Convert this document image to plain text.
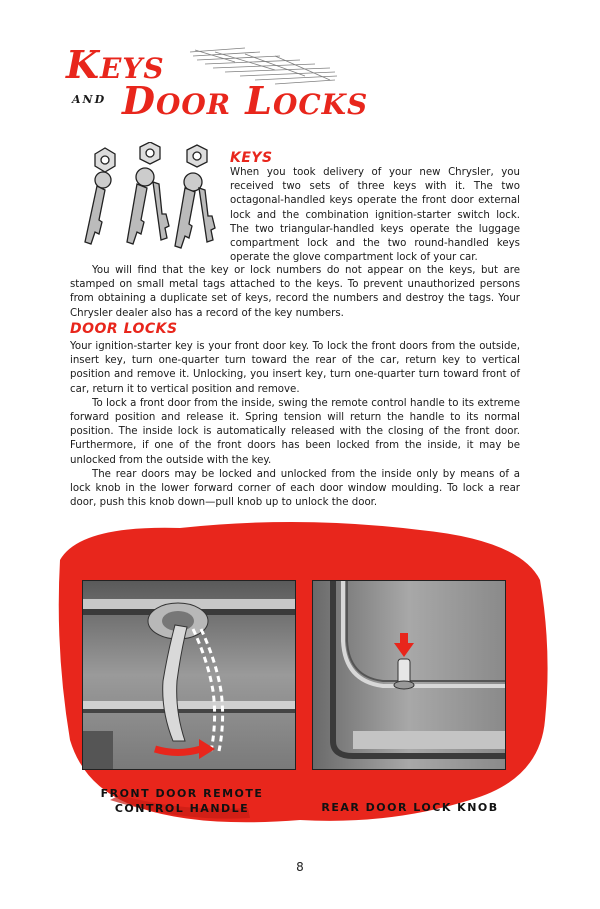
KEYS
AND DOOR LOCKS
KEYS

When you took delivery of your new Chrysler, you received two sets of three keys with it. The two octagonal-handled keys operate the front door external lock and the combination ignition-starter switch lock. The two triangular-handled keys operate the luggage compartment lock and the two round-handled keys operate the glove compartment lock of your car.

You will find that the key or lock numbers do not appear on the keys, but are stamped on small metal tags attached to the keys. To prevent unauthorized persons from obtaining a duplicate set of keys, record the numbers and destroy the tags. Your Chrysler dealer also has a record of the key numbers.

DOOR LOCKS

Your ignition-starter key is your front door key. To lock the front doors from the outside, insert key, turn one-quarter turn toward the rear of the car, return key to vertical position and remove it. Unlocking, you insert key, turn one-quarter turn toward front of car, return it to vertical position and remove.

To lock a front door from the inside, swing the remote control handle to its extreme forward position and release it. Spring tension will return the handle to its normal position. The inside lock is automatically released with the closing of the front door. Furthermore, if one of the front doors has been locked from the inside, it may be unlocked from the outside with the key.

The rear doors may be locked and unlocked from the inside only by means of a lock knob in the lower forward corner of each door window moulding. To lock a rear door, push this knob down—pull knob up to unlock the door.

FRONT DOOR REMOTE
CONTROL HANDLE	REAR DOOR LOCK KNOB
8
